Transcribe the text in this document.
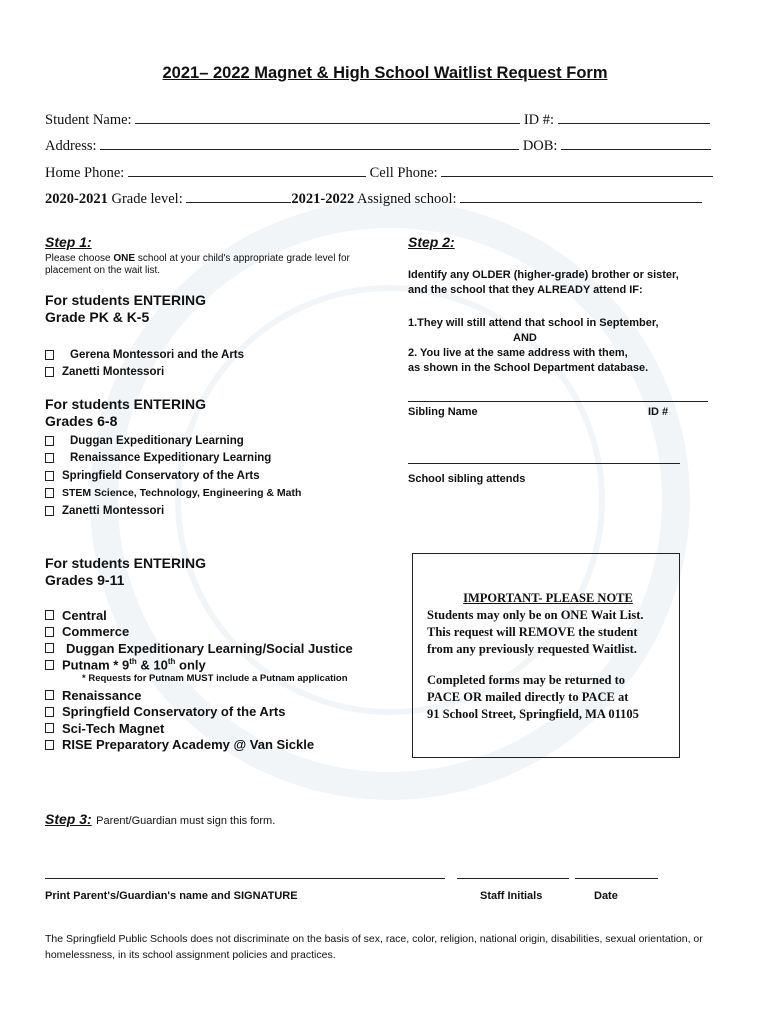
2021– 2022 Magnet & High School Waitlist Request Form
Student Name:	ID #:
Address:	DOB:
Home Phone:	Cell Phone:
2020-2021 Grade level:	2021-2022 Assigned school:
Step 1:
Please choose ONE school at your child's appropriate grade level for placement on the wait list.
For students ENTERING
Grade PK & K-5
Gerena Montessori and the Arts
Zanetti Montessori
For students ENTERING
Grades 6-8
Duggan Expeditionary Learning
Renaissance Expeditionary Learning
Springfield Conservatory of the Arts
STEM Science, Technology, Engineering & Math
Zanetti Montessori
For students ENTERING
Grades 9-11
Central
Commerce
Duggan Expeditionary Learning/Social Justice
Putnam * 9th & 10th only
* Requests for Putnam MUST include a Putnam application
Renaissance
Springfield Conservatory of the Arts
Sci-Tech Magnet
RISE Preparatory Academy @ Van Sickle
Step 2:
Identify any OLDER (higher-grade) brother or sister,
and the school that they ALREADY attend IF:
1.They will still attend that school in September,
AND
2. You live at the same address with them,
as shown in the School Department database.
Sibling Name	ID #
School sibling attends
IMPORTANT- PLEASE NOTE
Students may only be on ONE Wait List.
This request will REMOVE the student
from any previously requested Waitlist.
Completed forms may be returned to
PACE OR mailed directly to PACE at
91 School Street, Springfield, MA 01105
Step 3: Parent/Guardian must sign this form.
Print Parent's/Guardian's name and SIGNATURE	Staff Initials	Date
The Springfield Public Schools does not discriminate on the basis of sex, race, color, religion, national origin, disabilities, sexual orientation, or homelessness, in its school assignment policies and practices.
